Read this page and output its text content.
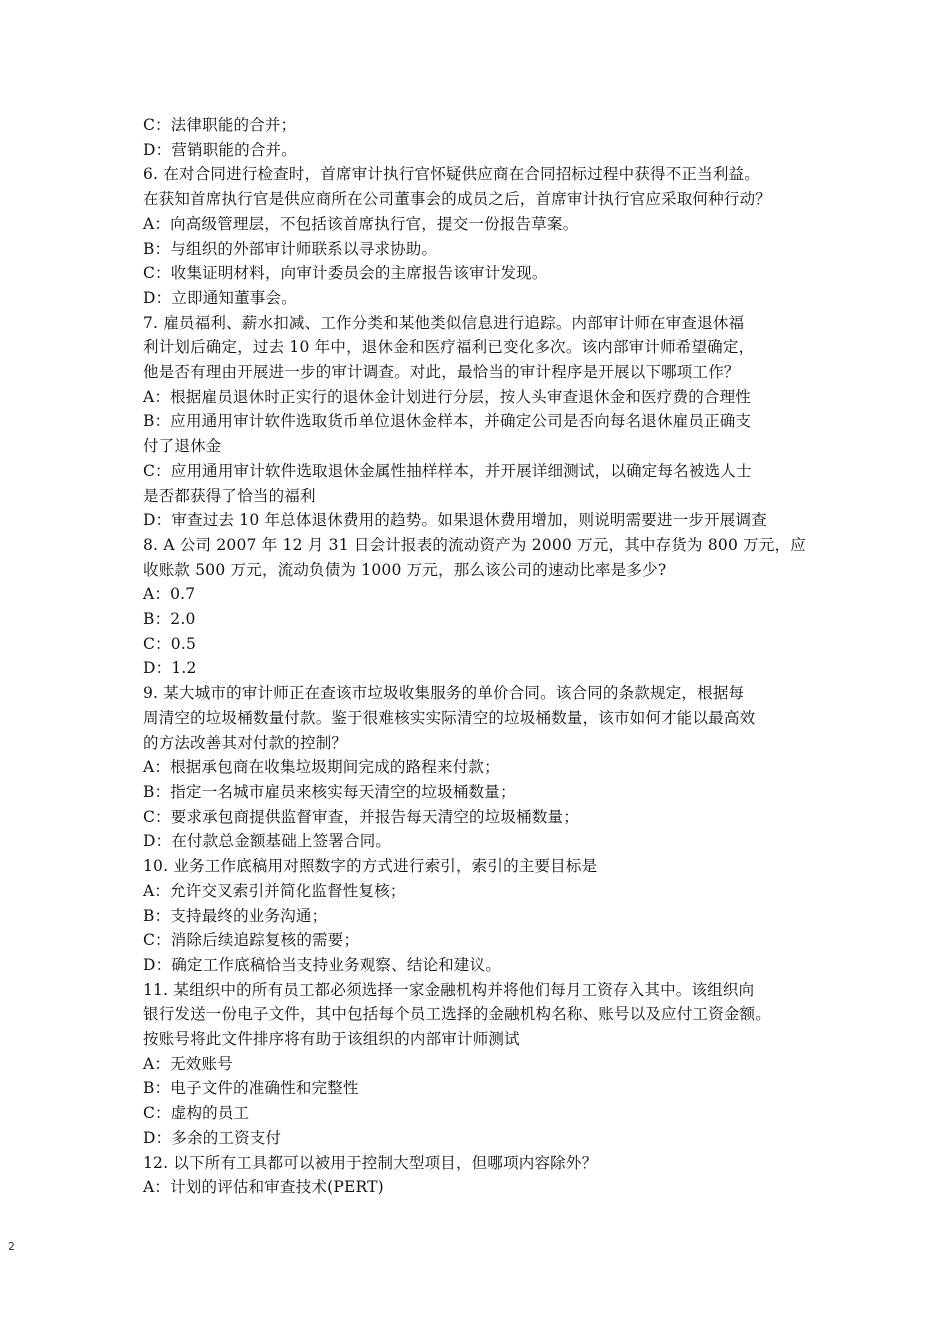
C：法律职能的合并；
D：营销职能的合并。
6. 在对合同进行检查时，首席审计执行官怀疑供应商在合同招标过程中获得不正当利益。
在获知首席执行官是供应商所在公司董事会的成员之后，首席审计执行官应采取何种行动？
A：向高级管理层，不包括该首席执行官，提交一份报告草案。
B：与组织的外部审计师联系以寻求协助。
C：收集证明材料，向审计委员会的主席报告该审计发现。
D：立即通知董事会。
7. 雇员福利、薪水扣减、工作分类和某他类似信息进行追踪。内部审计师在审查退休福
利计划后确定，过去 10 年中，退休金和医疗福利已变化多次。该内部审计师希望确定，
他是否有理由开展进一步的审计调查。对此，最恰当的审计程序是开展以下哪项工作？
A：根据雇员退休时正实行的退休金计划进行分层，按人头审查退休金和医疗费的合理性
B：应用通用审计软件选取货币单位退休金样本，并确定公司是否向每名退休雇员正确支
付了退休金
C：应用通用审计软件选取退休金属性抽样样本，并开展详细测试，以确定每名被选人士
是否都获得了恰当的福利
D：审查过去 10 年总体退休费用的趋势。如果退休费用增加，则说明需要进一步开展调查
8. A 公司 2007 年 12 月 31 日会计报表的流动资产为 2000 万元，其中存货为 800 万元，应
收账款 500 万元，流动负债为 1000 万元，那么该公司的速动比率是多少?
A：0.7
B：2.0
C：0.5
D：1.2
9. 某大城市的审计师正在查该市垃圾收集服务的单价合同。该合同的条款规定，根据每
周清空的垃圾桶数量付款。鉴于很难核实实际清空的垃圾桶数量，该市如何才能以最高效
的方法改善其对付款的控制？
A：根据承包商在收集垃圾期间完成的路程来付款；
B：指定一名城市雇员来核实每天清空的垃圾桶数量；
C：要求承包商提供监督审查，并报告每天清空的垃圾桶数量；
D：在付款总金额基础上签署合同。
10. 业务工作底稿用对照数字的方式进行索引，索引的主要目标是
A：允许交叉索引并简化监督性复核；
B：支持最终的业务沟通；
C：消除后续追踪复核的需要；
D：确定工作底稿恰当支持业务观察、结论和建议。
11. 某组织中的所有员工都必须选择一家金融机构并将他们每月工资存入其中。该组织向
银行发送一份电子文件，其中包括每个员工选择的金融机构名称、账号以及应付工资金额。
按账号将此文件排序将有助于该组织的内部审计师测试
A：无效账号
B：电子文件的准确性和完整性
C：虚构的员工
D：多余的工资支付
12. 以下所有工具都可以被用于控制大型项目，但哪项内容除外？
A：计划的评估和审查技术(PERT)
2
